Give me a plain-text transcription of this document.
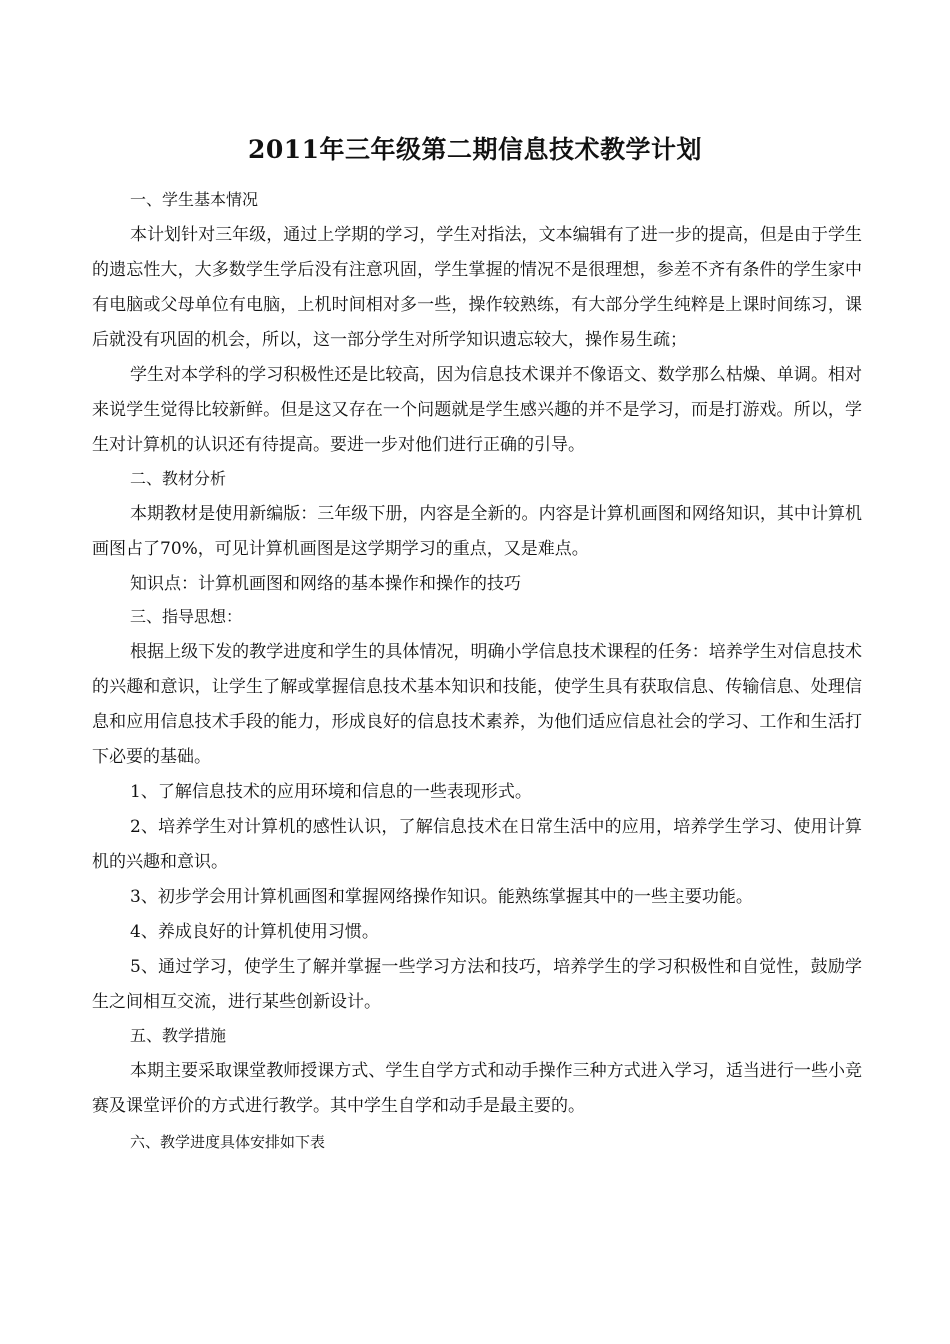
2011年三年级第二期信息技术教学计划

一、学生基本情况

本计划针对三年级，通过上学期的学习，学生对指法，文本编辑有了进一步的提高，但是由于学生的遗忘性大，大多数学生学后没有注意巩固，学生掌握的情况不是很理想，参差不齐有条件的学生家中有电脑或父母单位有电脑，上机时间相对多一些，操作较熟练，有大部分学生纯粹是上课时间练习，课后就没有巩固的机会，所以，这一部分学生对所学知识遗忘较大，操作易生疏；

学生对本学科的学习积极性还是比较高，因为信息技术课并不像语文、数学那么枯燥、单调。相对来说学生觉得比较新鲜。但是这又存在一个问题就是学生感兴趣的并不是学习，而是打游戏。所以，学生对计算机的认识还有待提高。要进一步对他们进行正确的引导。

二、教材分析

本期教材是使用新编版：三年级下册，内容是全新的。内容是计算机画图和网络知识，其中计算机画图占了70%，可见计算机画图是这学期学习的重点，又是难点。

知识点：计算机画图和网络的基本操作和操作的技巧

三、指导思想：

根据上级下发的教学进度和学生的具体情况，明确小学信息技术课程的任务：培养学生对信息技术的兴趣和意识，让学生了解或掌握信息技术基本知识和技能，使学生具有获取信息、传输信息、处理信息和应用信息技术手段的能力，形成良好的信息技术素养，为他们适应信息社会的学习、工作和生活打下必要的基础。

1、了解信息技术的应用环境和信息的一些表现形式。

2、培养学生对计算机的感性认识，了解信息技术在日常生活中的应用，培养学生学习、使用计算机的兴趣和意识。

3、初步学会用计算机画图和掌握网络操作知识。能熟练掌握其中的一些主要功能。

4、养成良好的计算机使用习惯。

5、通过学习，使学生了解并掌握一些学习方法和技巧，培养学生的学习积极性和自觉性，鼓励学生之间相互交流，进行某些创新设计。

五、教学措施

本期主要采取课堂教师授课方式、学生自学方式和动手操作三种方式进入学习，适当进行一些小竞赛及课堂评价的方式进行教学。其中学生自学和动手是最主要的。

六、教学进度具体安排如下表
